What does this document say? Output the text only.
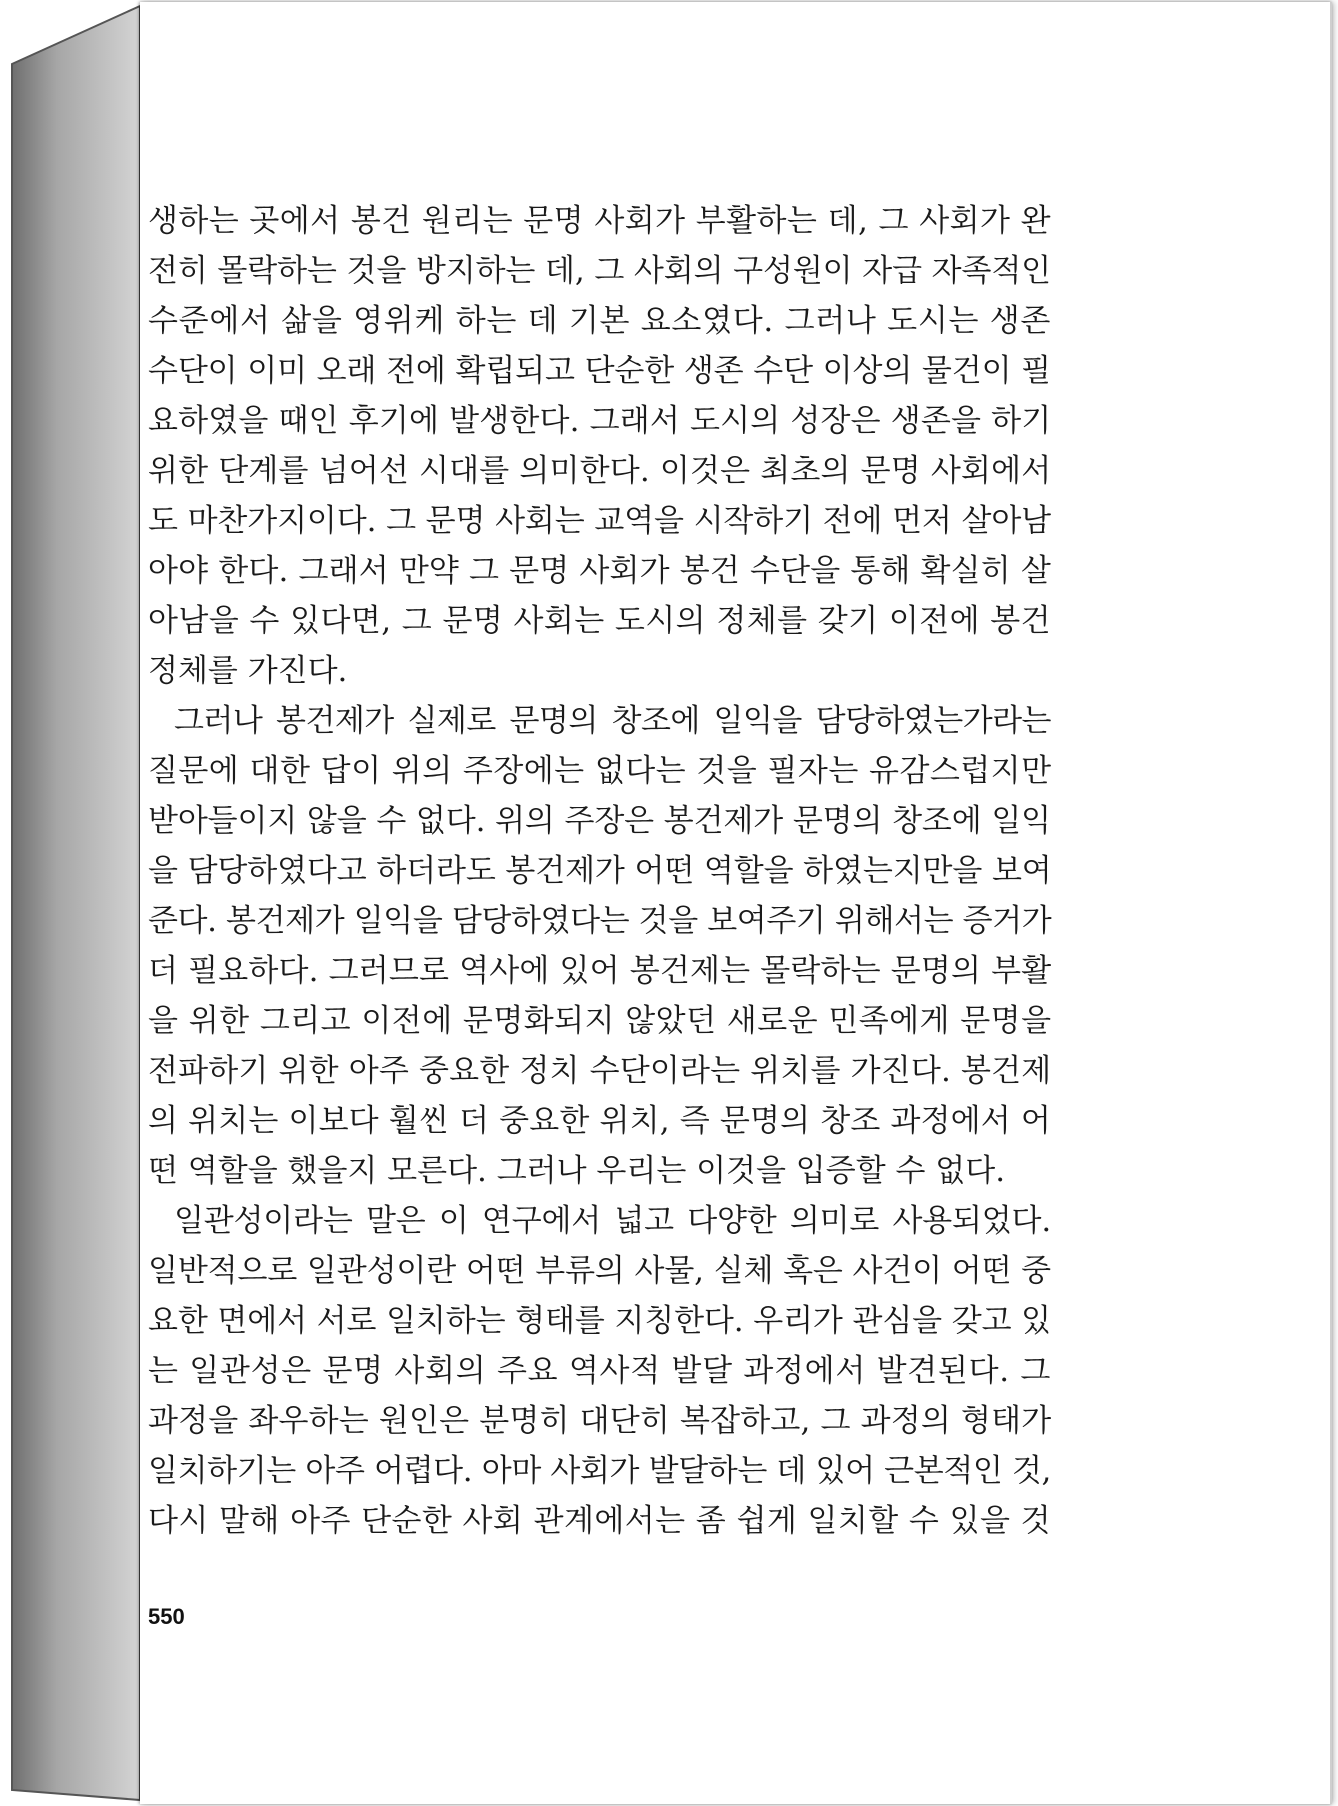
생하는 곳에서 봉건 원리는 문명 사회가 부활하는 데, 그 사회가 완
전히 몰락하는 것을 방지하는 데, 그 사회의 구성원이 자급 자족적인
수준에서 삶을 영위케 하는 데 기본 요소였다. 그러나 도시는 생존
수단이 이미 오래 전에 확립되고 단순한 생존 수단 이상의 물건이 필
요하였을 때인 후기에 발생한다. 그래서 도시의 성장은 생존을 하기
위한 단계를 넘어선 시대를 의미한다. 이것은 최초의 문명 사회에서
도 마찬가지이다. 그 문명 사회는 교역을 시작하기 전에 먼저 살아남
아야 한다. 그래서 만약 그 문명 사회가 봉건 수단을 통해 확실히 살
아남을 수 있다면, 그 문명 사회는 도시의 정체를 갖기 이전에 봉건
정체를 가진다.
그러나 봉건제가 실제로 문명의 창조에 일익을 담당하였는가라는
질문에 대한 답이 위의 주장에는 없다는 것을 필자는 유감스럽지만
받아들이지 않을 수 없다. 위의 주장은 봉건제가 문명의 창조에 일익
을 담당하였다고 하더라도 봉건제가 어떤 역할을 하였는지만을 보여
준다. 봉건제가 일익을 담당하였다는 것을 보여주기 위해서는 증거가
더 필요하다. 그러므로 역사에 있어 봉건제는 몰락하는 문명의 부활
을 위한 그리고 이전에 문명화되지 않았던 새로운 민족에게 문명을
전파하기 위한 아주 중요한 정치 수단이라는 위치를 가진다. 봉건제
의 위치는 이보다 훨씬 더 중요한 위치, 즉 문명의 창조 과정에서 어
떤 역할을 했을지 모른다. 그러나 우리는 이것을 입증할 수 없다.
일관성이라는 말은 이 연구에서 넓고 다양한 의미로 사용되었다.
일반적으로 일관성이란 어떤 부류의 사물, 실체 혹은 사건이 어떤 중
요한 면에서 서로 일치하는 형태를 지칭한다. 우리가 관심을 갖고 있
는 일관성은 문명 사회의 주요 역사적 발달 과정에서 발견된다. 그
과정을 좌우하는 원인은 분명히 대단히 복잡하고, 그 과정의 형태가
일치하기는 아주 어렵다. 아마 사회가 발달하는 데 있어 근본적인 것,
다시 말해 아주 단순한 사회 관계에서는 좀 쉽게 일치할 수 있을 것
550
